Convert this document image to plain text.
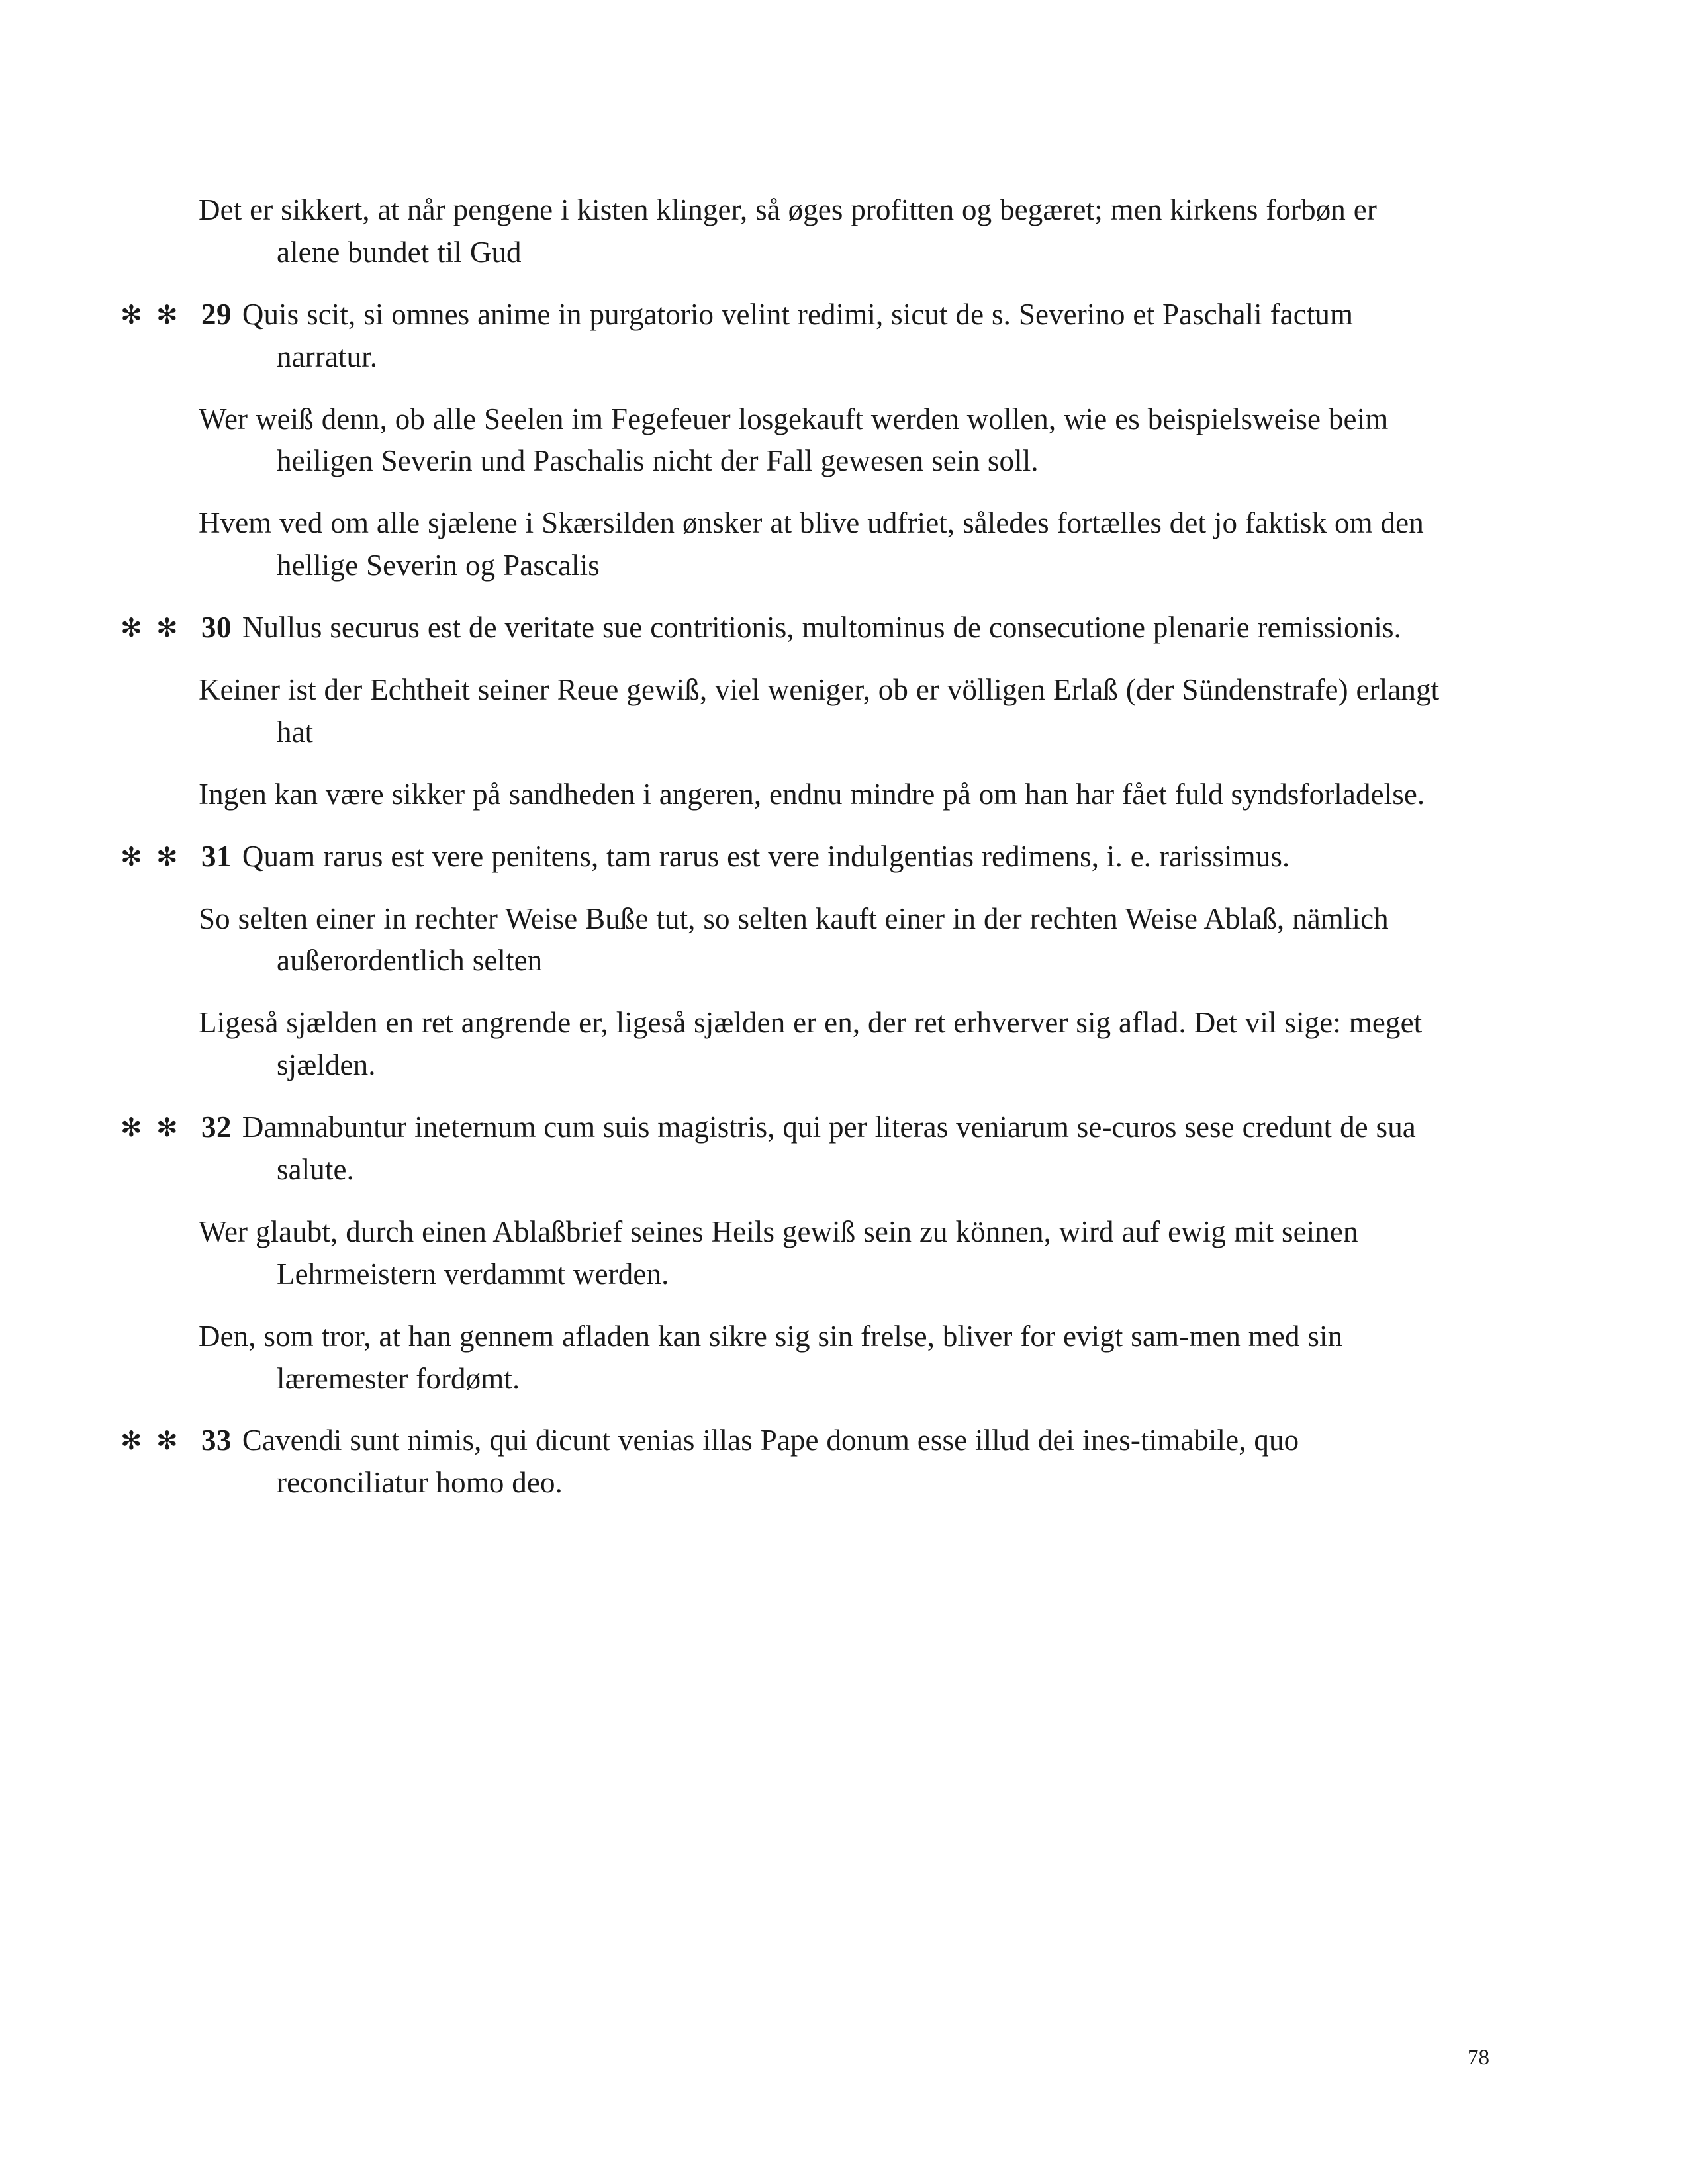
Det er sikkert, at når pengene i kisten klinger, så øges profitten og begæret; men kirkens forbøn er alene bundet til Gud

✻ 29✻ Quis scit, si omnes anime in purgatorio velint redimi, sicut de s. Severino et Paschali factum narratur.

Wer weiß denn, ob alle Seelen im Fegefeuer losgekauft werden wollen, wie es beispielsweise beim heiligen Severin und Paschalis nicht der Fall gewesen sein soll.

Hvem ved om alle sjælene i Skærsilden ønsker at blive udfriet, således fortælles det jo faktisk om den hellige Severin og Pascalis

✻ 30✻ Nullus securus est de veritate sue contritionis, multominus de consecutione plenarie remissionis.

Keiner ist der Echtheit seiner Reue gewiß, viel weniger, ob er völligen Erlaß (der Sündenstrafe) erlangt hat

Ingen kan være sikker på sandheden i angeren, endnu mindre på om han har fået fuld syndsforladelse.

✻ 31✻ Quam rarus est vere penitens, tam rarus est vere indulgentias redimens, i. e. rarissimus.

So selten einer in rechter Weise Buße tut, so selten kauft einer in der rechten Weise Ablaß, nämlich außerordentlich selten

Ligeså sjælden en ret angrende er, ligeså sjælden er en, der ret erhverver sig aflad. Det vil sige: meget sjælden.

✻ 32✻ Damnabuntur ineternum cum suis magistris, qui per literas veniarum se-curos sese credunt de sua salute.

Wer glaubt, durch einen Ablaßbrief seines Heils gewiß sein zu können, wird auf ewig mit seinen Lehrmeistern verdammt werden.

Den, som tror, at han gennem afladen kan sikre sig sin frelse, bliver for evigt sam-men med sin læremester fordømt.

✻ 33✻ Cavendi sunt nimis, qui dicunt venias illas Pape donum esse illud dei ines-timabile, quo reconciliatur homo deo.

78
